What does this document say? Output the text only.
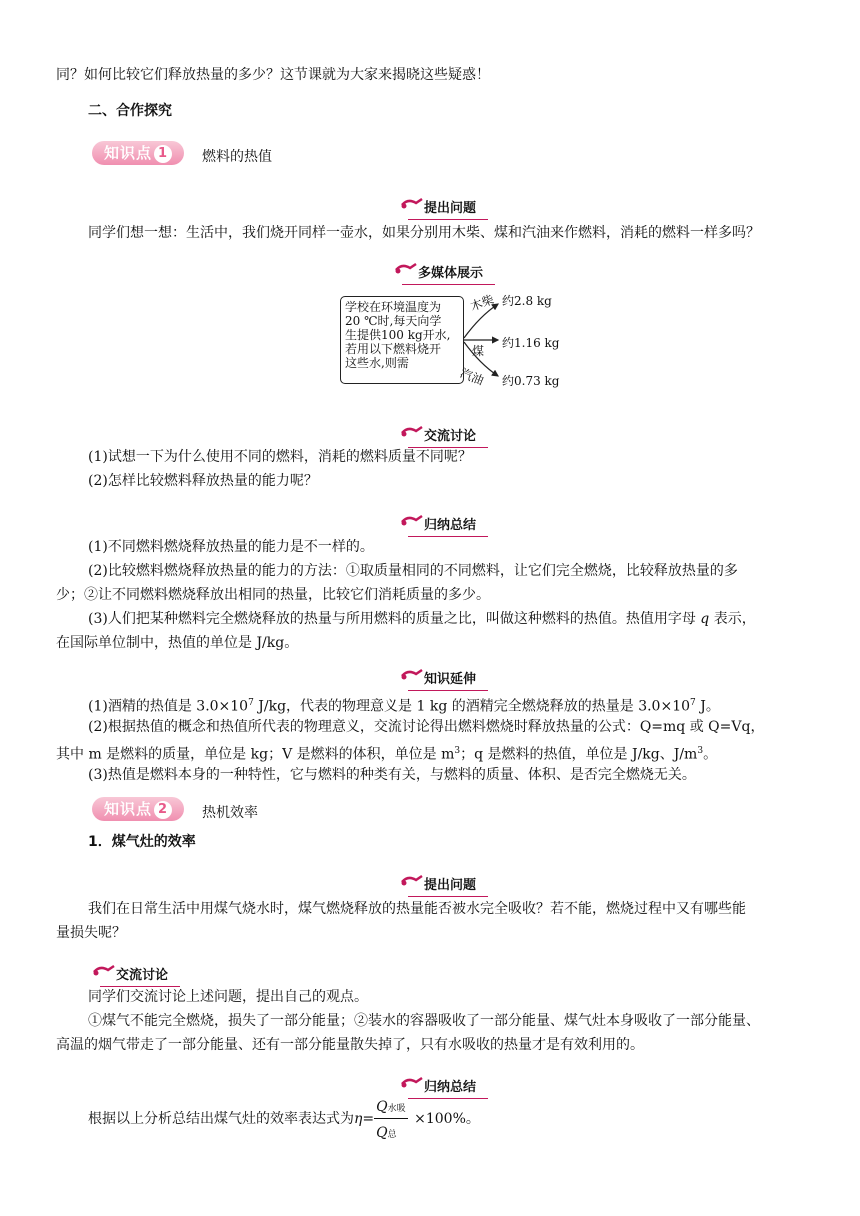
同？如何比较它们释放热量的多少？这节课就为大家来揭晓这些疑惑！
二、合作探究
知识点 1	燃料的热值
提出问题
同学们想一想：生活中，我们烧开同样一壶水，如果分别用木柴、煤和汽油来作燃料，消耗的燃料一样多吗？
多媒体展示
学校在环境温度为
20 ℃时,每天向学
生提供100 kg开水,
若用以下燃料烧开
这些水,则需
木柴 约2.8 kg
煤
约1.16 kg
汽油 约0.73 kg
交流讨论
(1)试想一下为什么使用不同的燃料，消耗的燃料质量不同呢？
(2)怎样比较燃料释放热量的能力呢？
归纳总结
(1)不同燃料燃烧释放热量的能力是不一样的。
(2)比较燃料燃烧释放热量的能力的方法：①取质量相同的不同燃料，让它们完全燃烧，比较释放热量的多
少；②让不同燃料燃烧释放出相同的热量，比较它们消耗质量的多少。
(3)人们把某种燃料完全燃烧释放的热量与所用燃料的质量之比，叫做这种燃料的热值。热值用字母 q 表示，
在国际单位制中，热值的单位是 J/kg。
知识延伸
(1)酒精的热值是 $3.0\times 10^7$ J/kg，代表的物理意义是 1 kg 的酒精完全燃烧释放的热量是 $3.0\times 10^7$ J。
(2)根据热值的概念和热值所代表的物理意义，交流讨论得出燃料燃烧时释放热量的公式：Q=mq 或 Q=Vq，
其中 m 是燃料的质量，单位是 kg；V 是燃料的体积，单位是 $m^3$；q 是燃料的热值，单位是 J/kg、$J/m^3$。
(3)热值是燃料本身的一种特性，它与燃料的种类有关，与燃料的质量、体积、是否完全燃烧无关。
知识点 2	热机效率
1．煤气灶的效率
提出问题
我们在日常生活中用煤气烧水时，煤气燃烧释放的热量能否被水完全吸收？若不能，燃烧过程中又有哪些能
量损失呢？
交流讨论
同学们交流讨论上述问题，提出自己的观点。
①煤气不能完全燃烧，损失了一部分能量；②装水的容器吸收了一部分能量、煤气灶本身吸收了一部分能量、
高温的烟气带走了一部分能量、还有一部分能量散失掉了，只有水吸收的热量才是有效利用的。
归纳总结
根据以上分析总结出煤气灶的效率表达式为η=
Q水吸
Q总
×100%。
